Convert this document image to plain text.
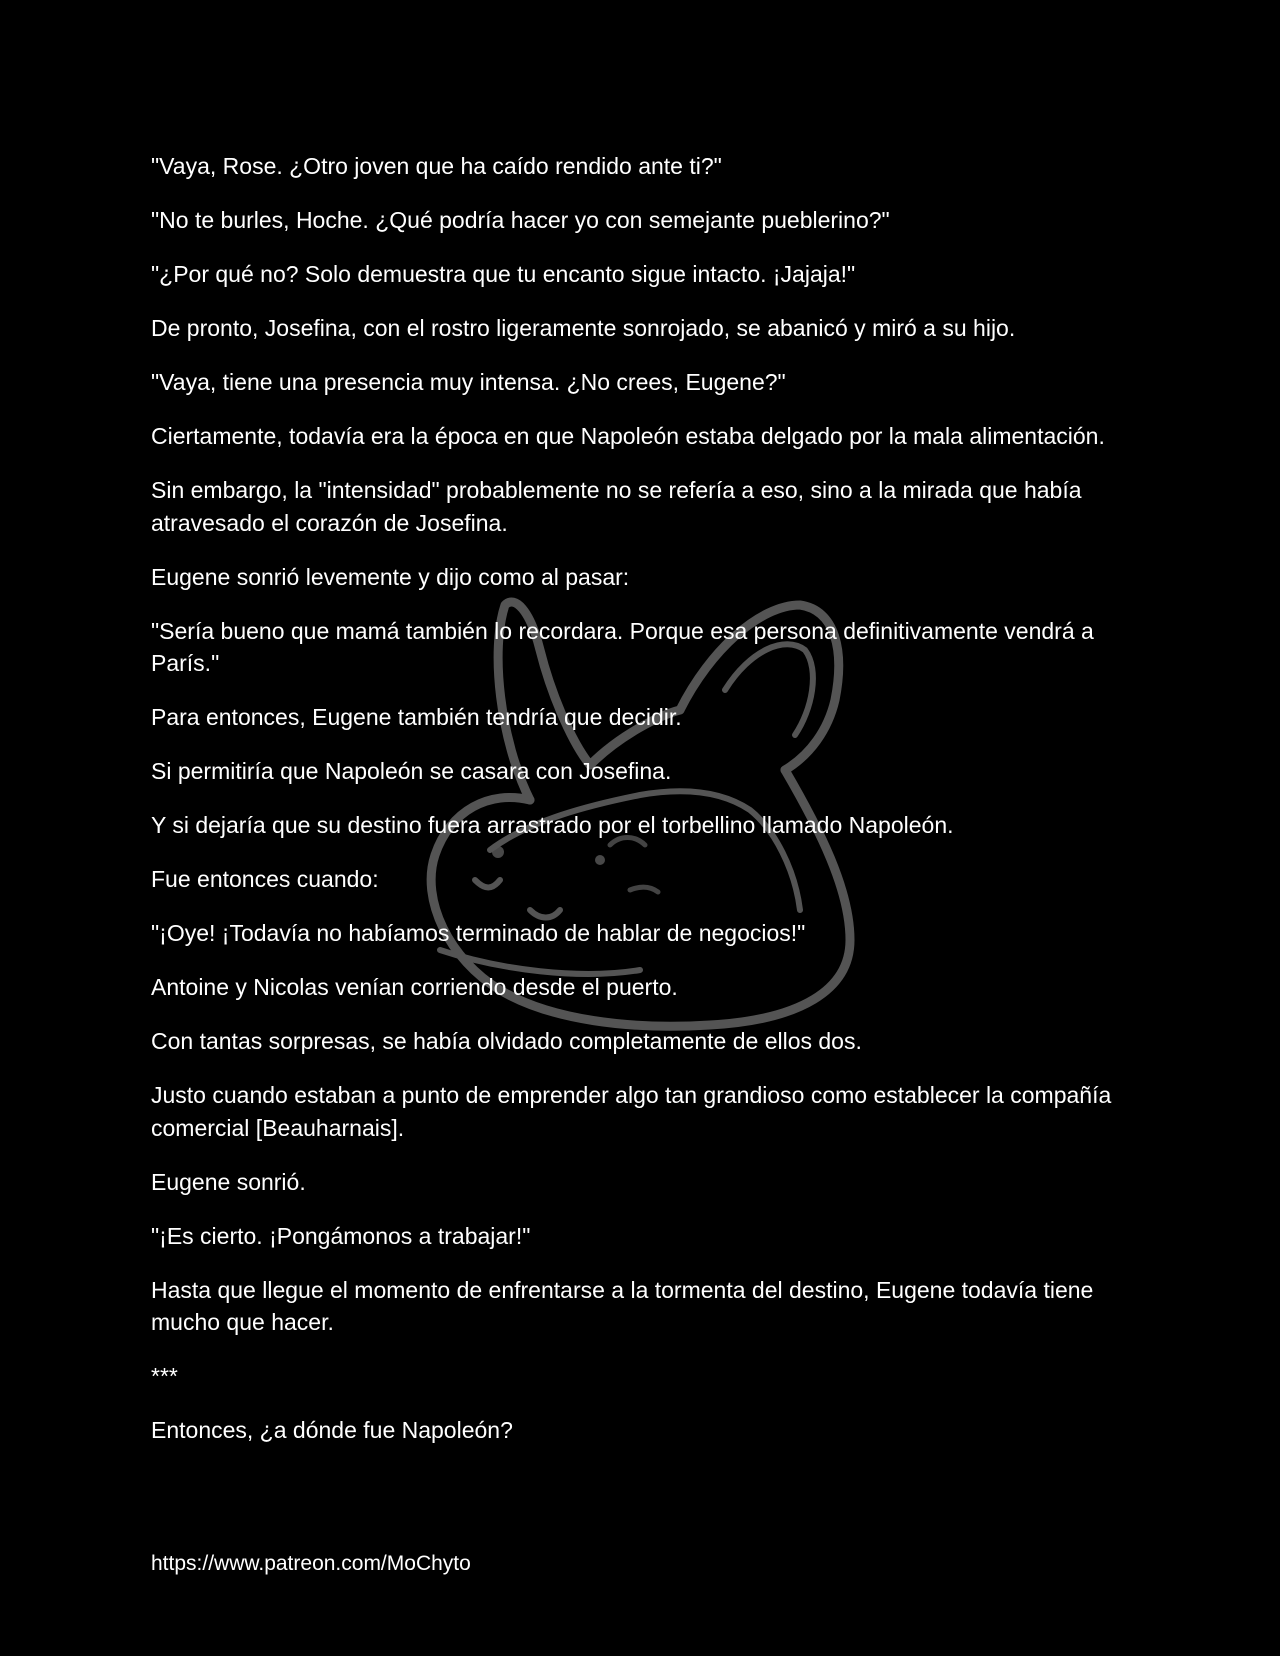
"Vaya, Rose. ¿Otro joven que ha caído rendido ante ti?"

"No te burles, Hoche. ¿Qué podría hacer yo con semejante pueblerino?"

"¿Por qué no? Solo demuestra que tu encanto sigue intacto. ¡Jajaja!"

De pronto, Josefina, con el rostro ligeramente sonrojado, se abanicó y miró a su hijo.

"Vaya, tiene una presencia muy intensa. ¿No crees, Eugene?"

Ciertamente, todavía era la época en que Napoleón estaba delgado por la mala alimentación.

Sin embargo, la "intensidad" probablemente no se refería a eso, sino a la mirada que había atravesado el corazón de Josefina.

Eugene sonrió levemente y dijo como al pasar:

"Sería bueno que mamá también lo recordara. Porque esa persona definitivamente vendrá a París."

Para entonces, Eugene también tendría que decidir.

Si permitiría que Napoleón se casara con Josefina.

Y si dejaría que su destino fuera arrastrado por el torbellino llamado Napoleón.

Fue entonces cuando:

"¡Oye! ¡Todavía no habíamos terminado de hablar de negocios!"

Antoine y Nicolas venían corriendo desde el puerto.

Con tantas sorpresas, se había olvidado completamente de ellos dos.

Justo cuando estaban a punto de emprender algo tan grandioso como establecer la compañía comercial [Beauharnais].

Eugene sonrió.

"¡Es cierto. ¡Pongámonos a trabajar!"

Hasta que llegue el momento de enfrentarse a la tormenta del destino, Eugene todavía tiene mucho que hacer.

***

Entonces, ¿a dónde fue Napoleón?

https://www.patreon.com/MoChyto
